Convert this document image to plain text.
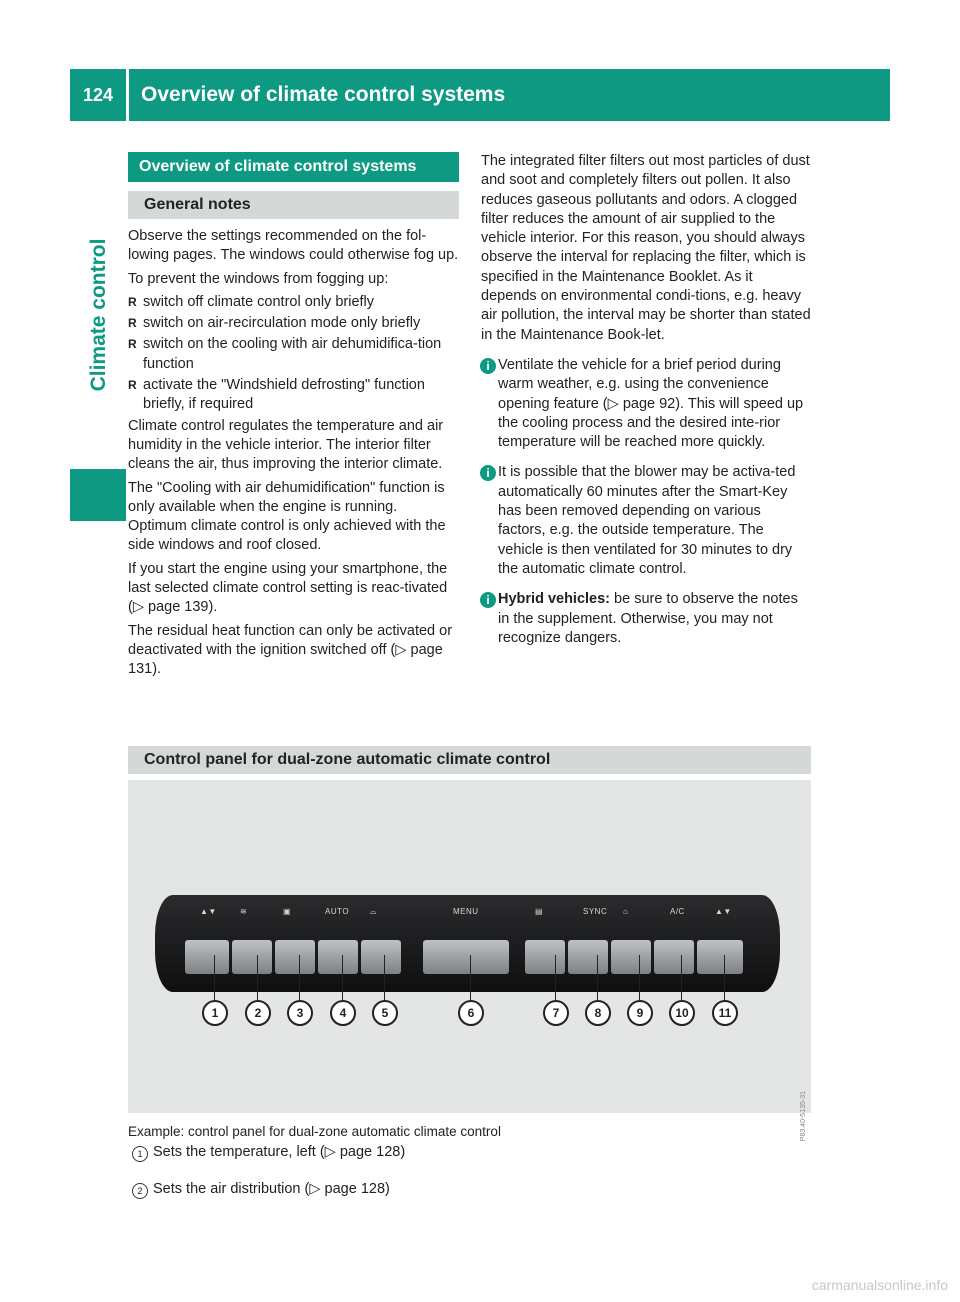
124	Overview of climate control systems
Climate control
Overview of climate control systems
General notes

Observe the settings recommended on the fol-lowing pages. The windows could otherwise fog up.

To prevent the windows from fogging up:

R switch off climate control only briefly

R switch on air-recirculation mode only briefly

R switch on the cooling with air dehumidifica-tion function

R activate the "Windshield defrosting" function briefly, if required

Climate control regulates the temperature and air humidity in the vehicle interior. The interior filter cleans the air, thus improving the interior climate.

The "Cooling with air dehumidification" function is only available when the engine is running. Optimum climate control is only achieved with the side windows and roof closed.

If you start the engine using your smartphone, the last selected climate control setting is reac-tivated (▷ page 139).

The residual heat function can only be activated or deactivated with the ignition switched off (▷ page 131).

The integrated filter filters out most particles of dust and soot and completely filters out pollen. It also reduces gaseous pollutants and odors. A clogged filter reduces the amount of air supplied to the vehicle interior. For this reason, you should always observe the interval for replacing the filter, which is specified in the Maintenance Booklet. As it depends on environmental condi-tions, e.g. heavy air pollution, the interval may be shorter than stated in the Maintenance Book-let.

i Ventilate the vehicle for a brief period during warm weather, e.g. using the convenience opening feature (▷ page 92). This will speed up the cooling process and the desired inte-rior temperature will be reached more quickly.

i It is possible that the blower may be activa-ted automatically 60 minutes after the Smart-Key has been removed depending on various factors, e.g. the outside temperature. The vehicle is then ventilated for 30 minutes to dry the automatic climate control.

i Hybrid vehicles: be sure to observe the notes in the supplement. Otherwise, you may not recognize dangers.

Control panel for dual-zone automatic climate control
▲▼	≋	▣	AUTO	⌓	MENU	▤	SYNC ⌂	A/C	▲▼
1	2	3	4	5	6	7	8	9	10	11
P83.40-5135-31
Example: control panel for dual-zone automatic climate control
1 Sets the temperature, left (▷ page 128)
2 Sets the air distribution (▷ page 128)
carmanualsonline.info
